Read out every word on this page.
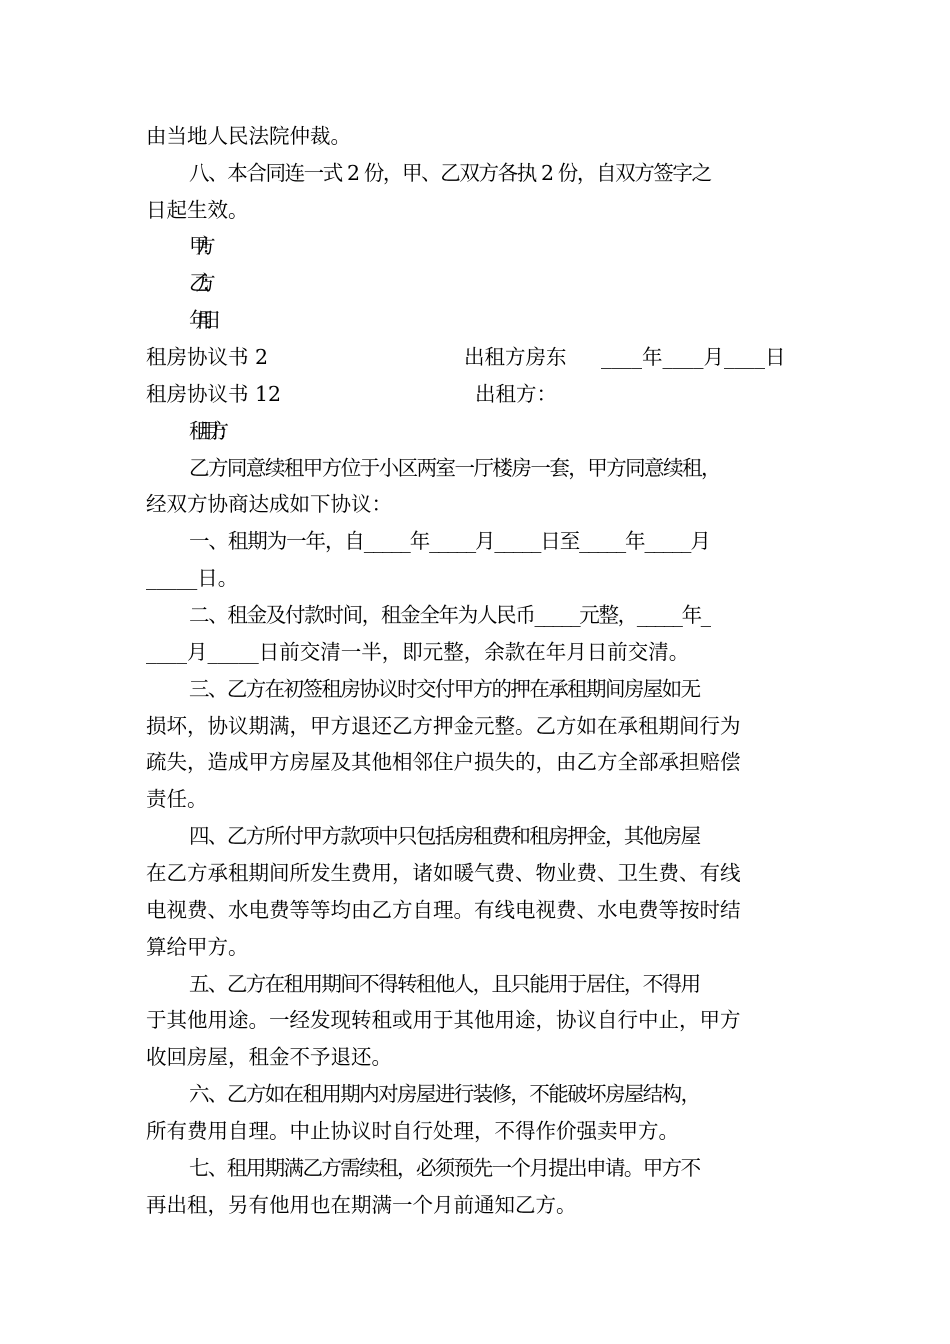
由当地人民法院仲裁。
八、本合同连一式 2 份，甲、乙双方各执 2 份，自双方签字之
日起生效。
甲方：
乙方：
年月日
租房协议书 2	出租方房东 ____年____月____日
租房协议书 12	出租方：
租用方：
乙方同意续租甲方位于小区两室一厅楼房一套，甲方同意续租，
经双方协商达成如下协议：
一、租期为一年，自_____年_____月_____日至_____年_____月
_____日。
二、租金及付款时间，租金全年为人民币_____元整，_____年_
____月_____日前交清一半，即元整，余款在年月日前交清。
三、乙方在初签租房协议时交付甲方的押在承租期间房屋如无
损坏，协议期满，甲方退还乙方押金元整。乙方如在承租期间行为
疏失，造成甲方房屋及其他相邻住户损失的，由乙方全部承担赔偿
责任。
四、乙方所付甲方款项中只包括房租费和租房押金，其他房屋
在乙方承租期间所发生费用，诸如暖气费、物业费、卫生费、有线
电视费、水电费等等均由乙方自理。有线电视费、水电费等按时结
算给甲方。
五、乙方在租用期间不得转租他人，且只能用于居住，不得用
于其他用途。一经发现转租或用于其他用途，协议自行中止，甲方
收回房屋，租金不予退还。
六、乙方如在租用期内对房屋进行装修，不能破坏房屋结构，
所有费用自理。中止协议时自行处理，不得作价强卖甲方。
七、租用期满乙方需续租，必须预先一个月提出申请。甲方不
再出租，另有他用也在期满一个月前通知乙方。
